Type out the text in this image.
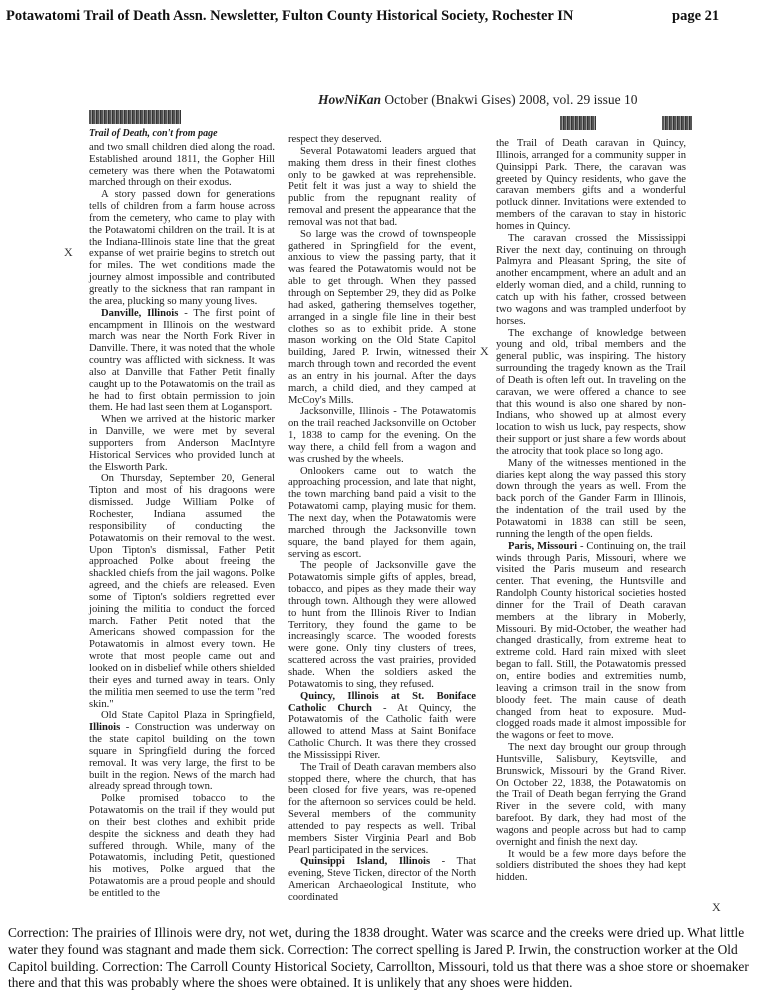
Potawatomi Trail of Death Assn. Newsletter, Fulton County Historical Society, Rochester IN	page 21
HowNiKan October (Bnakwi Gises) 2008, vol. 29 issue 10
Trail of Death, con't from page

and two small children died along the road. Established around 1811, the Gopher Hill cemetery was there when the Potawatomi marched through on their exodus.

A story passed down for generations tells of children from a farm house across from the cemetery, who came to play with the Potawatomi children on the trail. It is at the Indiana-Illinois state line that the great expanse of wet prairie begins to stretch out for miles. The wet conditions made the journey almost impossible and contributed greatly to the sickness that ran rampant in the area, plucking so many young lives.

Danville, Illinois - The first point of encampment in Illinois on the westward march was near the North Fork River in Danville. There, it was noted that the whole country was afflicted with sickness. It was also at Danville that Father Petit finally caught up to the Potawatomis on the trail as he had to first obtain permission to join them. He had last seen them at Logansport.

When we arrived at the historic marker in Danville, we were met by several supporters from Anderson MacIntyre Historical Services who provided lunch at the Elsworth Park.

On Thursday, September 20, General Tipton and most of his dragoons were dismissed. Judge William Polke of Rochester, Indiana assumed the responsibility of conducting the Potawatomis on their removal to the west. Upon Tipton's dismissal, Father Petit approached Polke about freeing the shackled chiefs from the jail wagons. Polke agreed, and the chiefs are released. Even some of Tipton's soldiers regretted ever joining the militia to conduct the forced march. Father Petit noted that the Americans showed compassion for the Potawatomis in almost every town. He wrote that most people came out and looked on in disbelief while others shielded their eyes and turned away in tears. Only the militia men seemed to use the term "red skin."

Old State Capitol Plaza in Springfield, Illinois - Construction was underway on the state capitol building on the town square in Springfield during the forced removal. It was very large, the first to be built in the region. News of the march had already spread through town.

Polke promised tobacco to the Potawatomis on the trail if they would put on their best clothes and exhibit pride despite the sickness and death they had suffered through. While, many of the Potawatomis, including Petit, questioned his motives, Polke argued that the Potawatomis are a proud people and should be entitled to the

respect they deserved.

Several Potawatomi leaders argued that making them dress in their finest clothes only to be gawked at was reprehensible. Petit felt it was just a way to shield the public from the repugnant reality of removal and present the appearance that the removal was not that bad.

So large was the crowd of townspeople gathered in Springfield for the event, anxious to view the passing party, that it was feared the Potawatomis would not be able to get through. When they passed through on September 29, they did as Polke had asked, gathering themselves together, arranged in a single file line in their best clothes so as to exhibit pride. A stone mason working on the Old State Capitol building, Jared P. Irwin, witnessed their march through town and recorded the event as an entry in his journal. After the days march, a child died, and they camped at McCoy's Mills.

Jacksonville, Illinois - The Potawatomis on the trail reached Jacksonville on October 1, 1838 to camp for the evening. On the way there, a child fell from a wagon and was crushed by the wheels.

Onlookers came out to watch the approaching procession, and late that night, the town marching band paid a visit to the Potawatomi camp, playing music for them. The next day, when the Potawatomis were marched through the Jacksonville town square, the band played for them again, serving as escort.

The people of Jacksonville gave the Potawatomis simple gifts of apples, bread, tobacco, and pipes as they made their way through town. Although they were allowed to hunt from the Illinois River to Indian Territory, they found the game to be increasingly scarce. The wooded forests were gone. Only tiny clusters of trees, scattered across the vast prairies, provided shade. When the soldiers asked the Potawatomis to sing, they refused.

Quincy, Illinois at St. Boniface Catholic Church - At Quincy, the Potawatomis of the Catholic faith were allowed to attend Mass at Saint Boniface Catholic Church. It was there they crossed the Mississippi River.

The Trail of Death caravan members also stopped there, where the church, that has been closed for five years, was re-opened for the afternoon so services could be held. Several members of the community attended to pay respects as well. Tribal members Sister Virginia Pearl and Bob Pearl participated in the services.

Quinsippi Island, Illinois - That evening, Steve Ticken, director of the North American Archaeological Institute, who coordinated

the Trail of Death caravan in Quincy, Illinois, arranged for a community supper in Quinsippi Park. There, the caravan was greeted by Quincy residents, who gave the caravan members gifts and a wonderful potluck dinner. Invitations were extended to members of the caravan to stay in historic homes in Quincy.

The caravan crossed the Mississippi River the next day, continuing on through Palmyra and Pleasant Spring, the site of another encampment, where an adult and an elderly woman died, and a child, running to catch up with his father, crossed between two wagons and was trampled underfoot by horses.

The exchange of knowledge between young and old, tribal members and the general public, was inspiring. The history surrounding the tragedy known as the Trail of Death is often left out. In traveling on the caravan, we were offered a chance to see that this wound is also one shared by non-Indians, who showed up at almost every location to wish us luck, pay respects, show their support or just share a few words about the atrocity that took place so long ago.

Many of the witnesses mentioned in the diaries kept along the way passed this story down through the years as well. From the back porch of the Gander Farm in Illinois, the indentation of the trail used by the Potawatomi in 1838 can still be seen, running the length of the open fields.

Paris, Missouri - Continuing on, the trail winds through Paris, Missouri, where we visited the Paris museum and research center. That evening, the Huntsville and Randolph County historical societies hosted dinner for the Trail of Death caravan members at the library in Moberly, Missouri. By mid-October, the weather had changed drastically, from extreme heat to extreme cold. Hard rain mixed with sleet began to fall. Still, the Potawatomis pressed on, entire bodies and extremities numb, leaving a crimson trail in the snow from bloody feet. The main cause of death changed from heat to exposure. Mud-clogged roads made it almost impossible for the wagons or feet to move.

The next day brought our group through Huntsville, Salisbury, Keytsville, and Brunswick, Missouri by the Grand River. On October 22, 1838, the Potawatomis on the Trail of Death began ferrying the Grand River in the severe cold, with many barefoot. By dark, they had most of the wagons and people across but had to camp overnight and finish the next day.

It would be a few more days before the soldiers distributed the shoes they had kept hidden.

X
X
X
Correction: The prairies of Illinois were dry, not wet, during the 1838 drought. Water was scarce and the creeks were dried up. What little water they found was stagnant and made them sick. Correction: The correct spelling is Jared P. Irwin, the construction worker at the Old Capitol building. Correction: The Carroll County Historical Society, Carrollton, Missouri, told us that there was a shoe store or shoemaker there and that this was probably where the shoes were obtained. It is unlikely that any shoes were hidden.
